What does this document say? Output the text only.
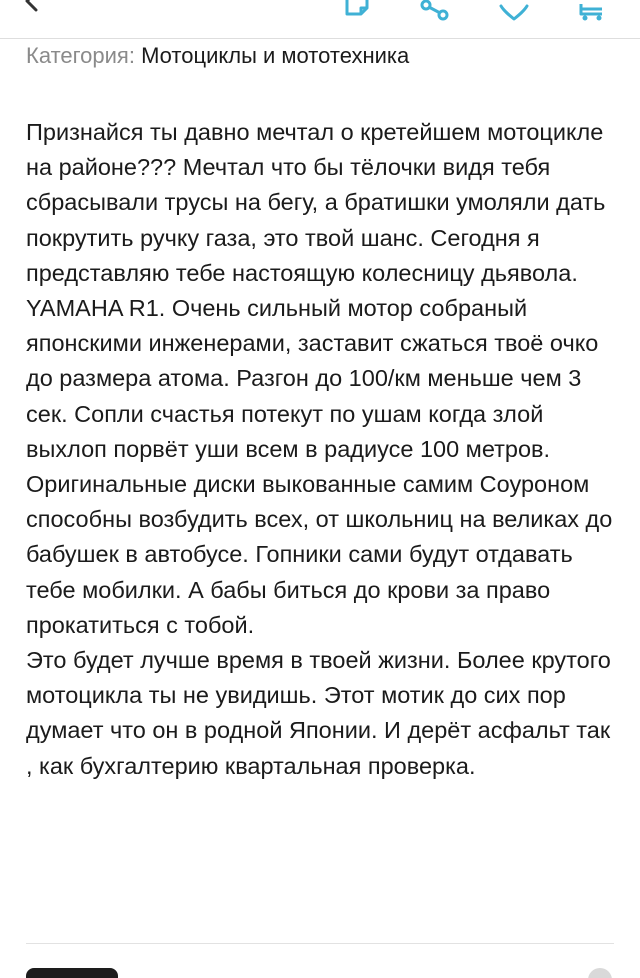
Категория: Мотоциклы и мототехника

Признайся ты давно мечтал о кретейшем мотоцикле на районе??? Мечтал что бы тёлочки видя тебя сбрасывали трусы на бегу, а братишки умоляли дать покрутить ручку газа, это твой шанс. Сегодня я представляю тебе настоящую колесницу дьявола. YAMAHA R1. Очень сильный мотор собраный японскими инженерами, заставит сжаться твоё очко до размера атома. Разгон до 100/км меньше чем 3 сек. Сопли счастья потекут по ушам когда злой выхлоп порвёт уши всем в радиусе 100 метров. Оригинальные диски выкованные самим Соуроном способны возбудить всех, от школьниц на великах до бабушек в автобусе. Гопники сами будут отдавать тебе мобилки. А бабы биться до крови за право прокатиться с тобой.

Это будет лучше время в твоей жизни. Более крутого мотоцикла ты не увидишь. Этот мотик до сих пор думает что он в родной Японии. И дерёт асфальт так , как бухгалтерию квартальная проверка.
